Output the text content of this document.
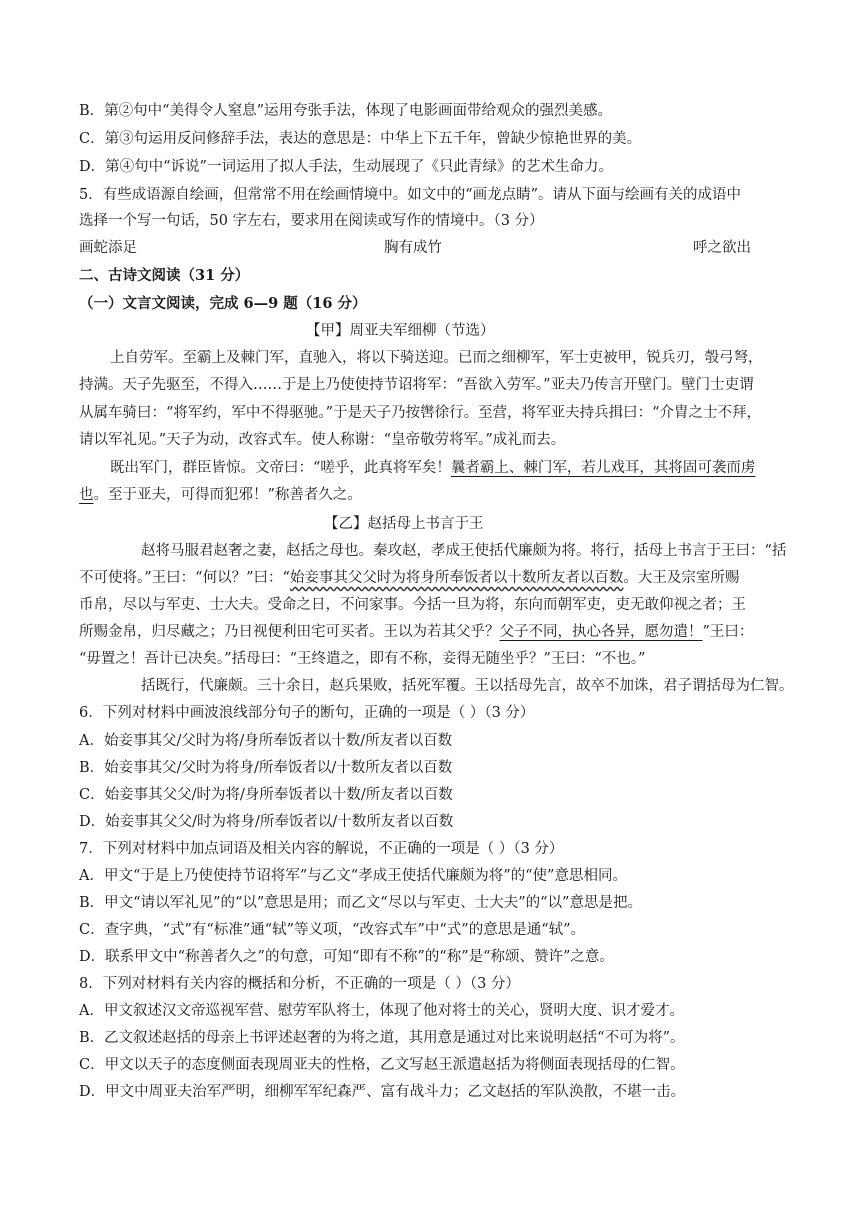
B．第②句中“美得令人窒息”运用夸张手法，体现了电影画面带给观众的强烈美感。
C．第③句运用反问修辞手法，表达的意思是：中华上下五千年，曾缺少惊艳世界的美。
D．第④句中“诉说”一词运用了拟人手法，生动展现了《只此青绿》的艺术生命力。
5．有些成语源自绘画，但常常不用在绘画情境中。如文中的“画龙点睛”。请从下面与绘画有关的成语中
选择一个写一句话，50 字左右，要求用在阅读或写作的情境中。（3 分）
画蛇添足	胸有成竹	呼之欲出
二、古诗文阅读（31 分）
（一）文言文阅读，完成 6—9 题（16 分）
【甲】周亚夫军细柳（节选）
上自劳军。至霸上及棘门军，直驰入，将以下骑送迎。已而之细柳军，军士吏被甲，锐兵刃，彀弓弩，
持满。天子先驱至，不得入……于是上乃使使持节诏将军：“吾欲入劳军。”亚夫乃传言开壁门。壁门士吏谓
从属车骑曰：“将军约，军中不得驱驰。”于是天子乃按辔徐行。至营，将军亚夫持兵揖曰：“介胄之士不拜，
请以军礼见。”天子为动，改容式车。使人称谢：“皇帝敬劳将军。”成礼而去。
既出军门，群臣皆惊。文帝曰：“嗟乎，此真将军矣！曩者霸上、棘门军，若儿戏耳，其将固可袭而虏
也。至于亚夫，可得而犯邪！”称善者久之。
【乙】赵括母上书言于王
赵将马服君赵奢之妻，赵括之母也。秦攻赵，孝成王使括代廉颇为将。将行，括母上书言于王曰：“括
不可使将。”王曰：“何以？”曰：“始妾事其父父时为将身所奉饭者以十数所友者以百数。大王及宗室所赐
币帛，尽以与军吏、士大夫。受命之日，不问家事。今括一旦为将，东向而朝军吏，吏无敢仰视之者；王
所赐金帛，归尽藏之；乃日视便利田宅可买者。王以为若其父乎？父子不同，执心各异，愿勿遣！”王曰：
“毋置之！吾计已决矣。”括母曰：“王终遣之，即有不称，妾得无随坐乎？”王曰：“不也。”
括既行，代廉颇。三十余日，赵兵果败，括死军覆。王以括母先言，故卒不加诛，君子谓括母为仁智。
6．下列对材料中画波浪线部分句子的断句，正确的一项是（ ）（3 分）
A．始妾事其父/父时为将/身所奉饭者以十数/所友者以百数
B．始妾事其父/父时为将身/所奉饭者以/十数所友者以百数
C．始妾事其父父/时为将/身所奉饭者以十数/所友者以百数
D．始妾事其父父/时为将身/所奉饭者以/十数所友者以百数
7．下列对材料中加点词语及相关内容的解说，不正确的一项是（ ）（3 分）
A．甲文“于是上乃使使持节诏将军”与乙文“孝成王使括代廉颇为将”的“使”意思相同。
B．甲文“请以军礼见”的“以”意思是用；而乙文“尽以与军吏、士大夫”的“以”意思是把。
C．查字典，“式”有“标准”通“轼”等义项，“改容式车”中“式”的意思是通“轼”。
D．联系甲文中“称善者久之”的句意，可知“即有不称”的“称”是“称颂、赞许”之意。
8．下列对材料有关内容的概括和分析，不正确的一项是（ ）（3 分）
A．甲文叙述汉文帝巡视军营、慰劳军队将士，体现了他对将士的关心，贤明大度、识才爱才。
B．乙文叙述赵括的母亲上书评述赵奢的为将之道，其用意是通过对比来说明赵括“不可为将”。
C．甲文以天子的态度侧面表现周亚夫的性格，乙文写赵王派遣赵括为将侧面表现括母的仁智。
D．甲文中周亚夫治军严明，细柳军军纪森严、富有战斗力；乙文赵括的军队涣散，不堪一击。
